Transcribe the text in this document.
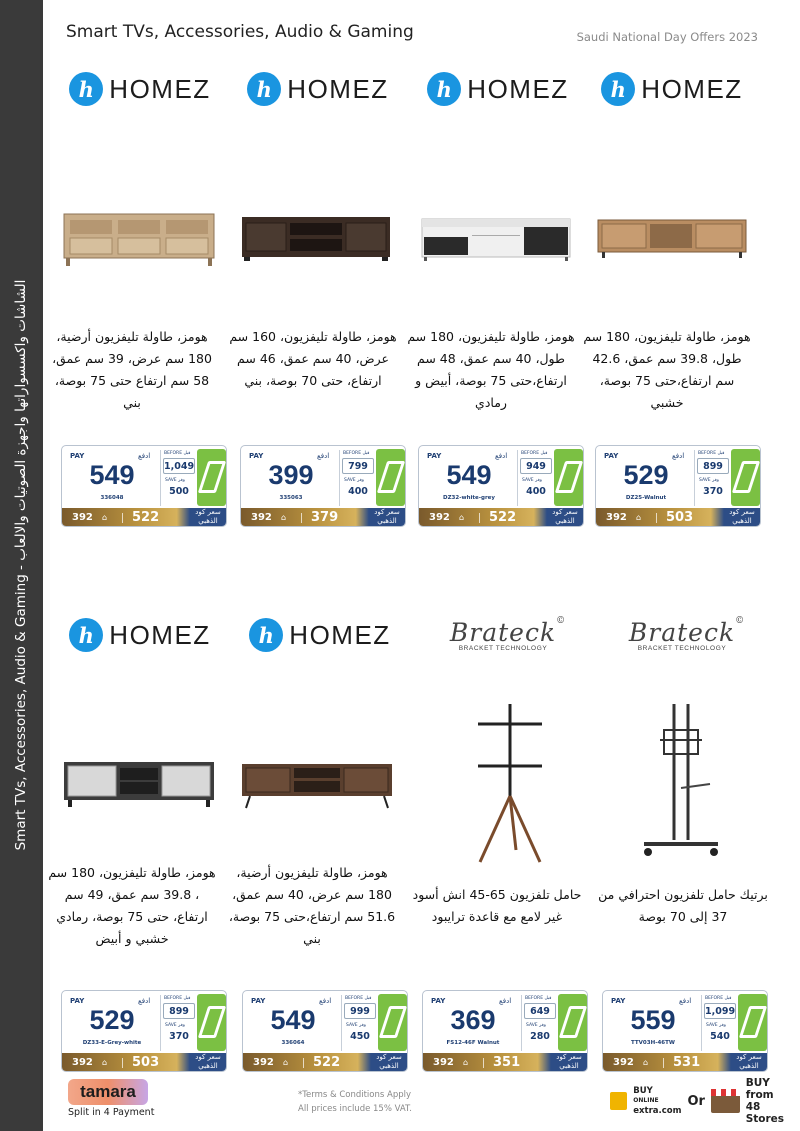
Smart TVs, Accessories, Audio & Gaming - الشاشات واكسسواراتها واجهزة الصوتيات والالعاب
Smart TVs, Accessories, Audio & Gaming	Saudi National Day Offers 2023
h HOMEZ	h HOMEZ	h HOMEZ	h HOMEZ
h HOMEZ	h HOMEZ Brateck ©
BRACKET TECHNOLOGY
Brateck ©
BRACKET TECHNOLOGY
هومز، طاولة تليفزيون أرضية، 180 سم عرض، 39 سم عمق، 58 سم ارتفاع حتى 75 بوصة، بني
هومز، طاولة تليفزيون، 160 سم عرض، 40 سم عمق، 46 سم ارتفاع، حتى 70 بوصة، بني
هومز، طاولة تليفزيون، 180 سم طول، 40 سم عمق، 48 سم ارتفاع،حتى 75 بوصة، أبيض و رمادي
هومز، طاولة تليفزيون، 180 سم طول، 39.8 سم عمق، 42.6 سم ارتفاع،حتى 75 بوصة، خشبي
هومز، طاولة تليفزيون، 180 سم ، 39.8 سم عمق، 49 سم ارتفاع، حتى 75 بوصة، رمادي خشبي و أبيض
هومز، طاولة تليفزيون أرضية، 180 سم عرض، 40 سم عمق، 51.6 سم ارتفاع،حتى 75 بوصة، بني
حامل تلفزيون 65-45 انش أسود غير لامع مع قاعدة ترايبود
برتيك حامل تلفزيون احترافي من 37 إلى 70 بوصة
PAY	ادفع
549
336048
BEFORE قبل
1,049
SAVE وفر
500
392 ⌂ 522	سعر كود الذهبي
PAY	ادفع
399
335063
BEFORE قبل
799
SAVE وفر
400
392 ⌂ 379	سعر كود الذهبي
PAY	ادفع
549
DZ32-white-grey
BEFORE قبل
949
SAVE وفر
400
392 ⌂ 522	سعر كود الذهبي
PAY	ادفع
529
DZ25-Walnut
BEFORE قبل
899
SAVE وفر
370
392 ⌂ 503	سعر كود الذهبي
PAY	ادفع
529
DZ33-E-Grey-white
BEFORE قبل
899
SAVE وفر
370
392 ⌂ 503	سعر كود الذهبي
PAY	ادفع
549
336064
BEFORE قبل
999
SAVE وفر
450
392 ⌂ 522	سعر كود الذهبي
PAY	ادفع
369
FS12-46F Walnut
BEFORE قبل
649
SAVE وفر
280
392 ⌂ 351	سعر كود الذهبي
PAY	ادفع
559
TTV03H-46TW
BEFORE قبل
1,099
SAVE وفر
540
392 ⌂ 531	سعر كود الذهبي
tamara
Split in 4 Payment
*Terms & Conditions Apply
All prices include 15% VAT.
BUY
ONLINE
extra.com
Or
BUY from
48 Stores
